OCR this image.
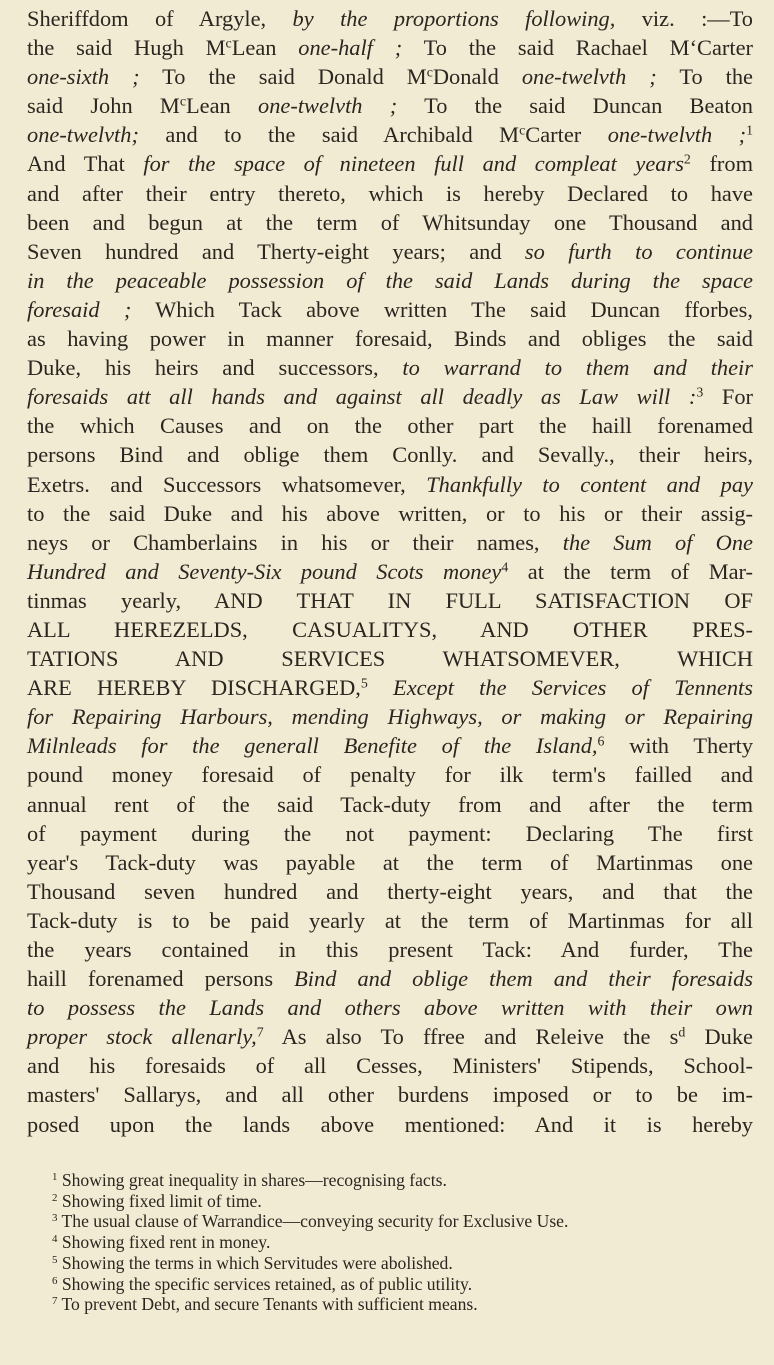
Sheriffdom of Argyle, by the proportions following, viz. :—To
the said Hugh $M^cLean$ one-half ; To the said Rachael M‘Carter
one-sixth ; To the said Donald $M^cDonald$ one-twelvth ; To the
said John $M^cLean$ one-twelvth ; To the said Duncan Beaton
one-twelvth; and to the said Archibald $M^cCarter$ one-twelvth ;$^1$
And That for the space of nineteen full and compleat years$^2$ from
and after their entry thereto, which is hereby Declared to have
been and begun at the term of Whitsunday one Thousand and
Seven hundred and Therty-eight years; and so furth to continue
in the peaceable possession of the said Lands during the space
foresaid ; Which Tack above written The said Duncan fforbes,
as having power in manner foresaid, Binds and obliges the said
Duke, his heirs and successors, to warrand to them and their
foresaids att all hands and against all deadly as Law will :$^3$ For
the which Causes and on the other part the haill forenamed
persons Bind and oblige them Conlly. and Sevally., their heirs,
Exetrs. and Successors whatsomever, Thankfully to content and pay
to the said Duke and his above written, or to his or their assig-
neys or Chamberlains in his or their names, the Sum of One
Hundred and Seventy-Six pound Scots money$^4$ at the term of Mar-
tinmas yearly, AND THAT IN FULL SATISFACTION OF
ALL HEREZELDS, CASUALITYS, AND OTHER PRES-
TATIONS AND SERVICES WHATSOMEVER, WHICH
ARE HEREBY DISCHARGED,$^5$ Except the Services of Tennents
for Repairing Harbours, mending Highways, or making or Repairing
Milnleads for the generall Benefite of the Island,$^6$ with Therty
pound money foresaid of penalty for ilk term's failled and
annual rent of the said Tack-duty from and after the term
of payment during the not payment: Declaring The first
year's Tack-duty was payable at the term of Martinmas one
Thousand seven hundred and therty-eight years, and that the
Tack-duty is to be paid yearly at the term of Martinmas for all
the years contained in this present Tack: And furder, The
haill forenamed persons Bind and oblige them and their foresaids
to possess the Lands and others above written with their own
proper stock allenarly,$^7$ As also To ffree and Releive the $s^d$ Duke
and his foresaids of all Cesses, Ministers' Stipends, School-
masters' Sallarys, and all other burdens imposed or to be im-
posed upon the lands above mentioned: And it is hereby
$^1$ Showing great inequality in shares—recognising facts.
$^2$ Showing fixed limit of time.
$^3$ The usual clause of Warrandice—conveying security for Exclusive Use.
$^4$ Showing fixed rent in money.
$^5$ Showing the terms in which Servitudes were abolished.
$^6$ Showing the specific services retained, as of public utility.
$^7$ To prevent Debt, and secure Tenants with sufficient means.
